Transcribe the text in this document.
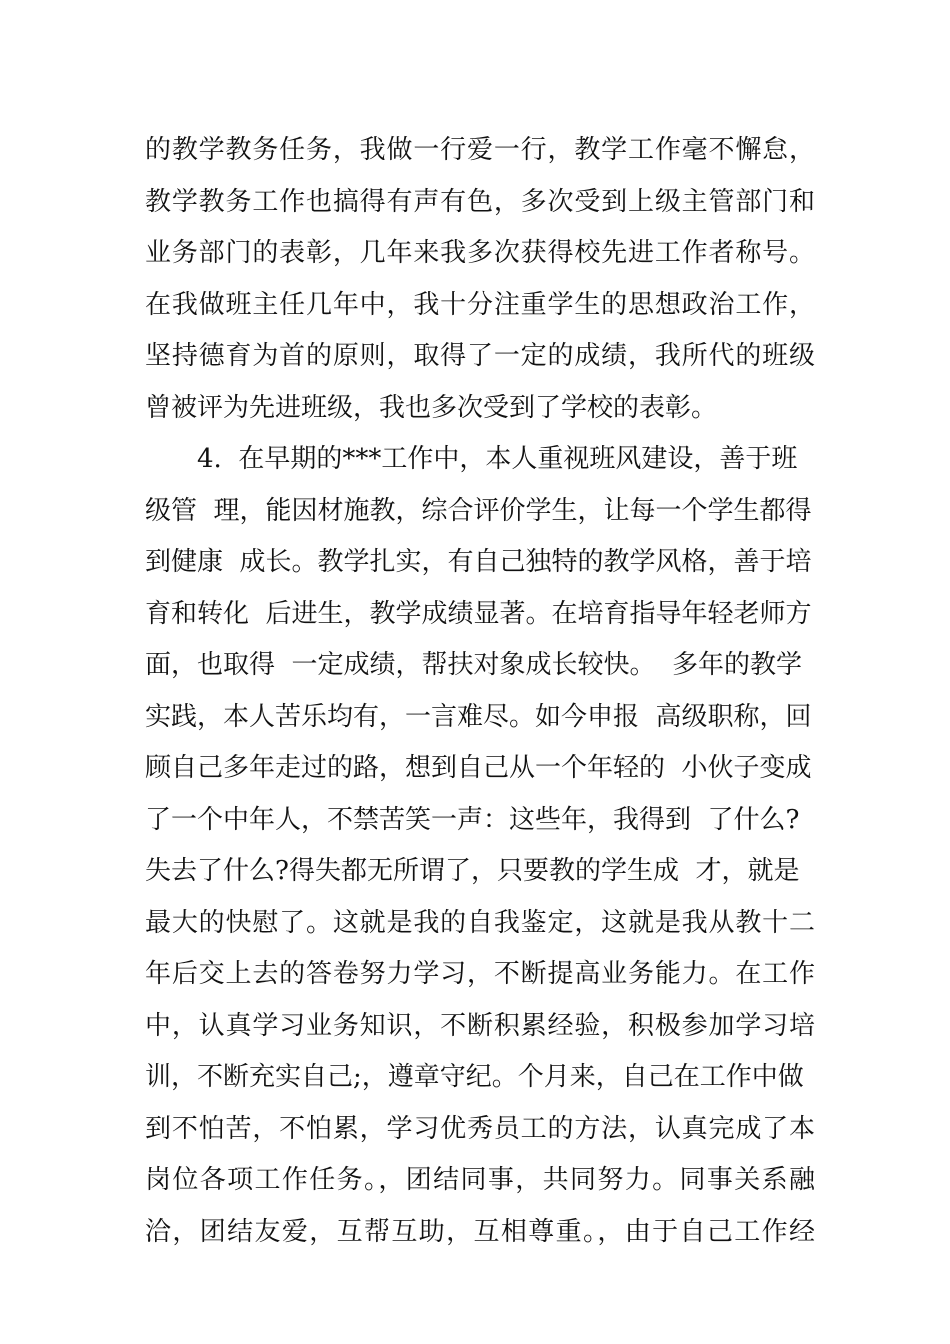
的教学教务任务，我做一行爱一行，教学工作毫不懈怠，
教学教务工作也搞得有声有色，多次受到上级主管部门和
业务部门的表彰，几年来我多次获得校先进工作者称号。
在我做班主任几年中，我十分注重学生的思想政治工作，
坚持德育为首的原则，取得了一定的成绩，我所代的班级
曾被评为先进班级，我也多次受到了学校的表彰。
4.  在早期的***工作中，本人重视班风建设，善于班
级管  理，能因材施教，综合评价学生，让每一个学生都得
到健康  成长。教学扎实，有自己独特的教学风格，善于培
育和转化  后进生，教学成绩显著。在培育指导年轻老师方
面，也取得  一定成绩，帮扶对象成长较快。  多年的教学
实践，本人苦乐均有，一言难尽。如今申报  高级职称，回
顾自己多年走过的路，想到自己从一个年轻的  小伙子变成
了一个中年人，不禁苦笑一声：这些年，我得到  了什么?
失去了什么?得失都无所谓了，只要教的学生成  才，就是
最大的快慰了。这就是我的自我鉴定，这就是我从教十二
年后交上去的答卷努力学习，不断提高业务能力。在工作
中，认真学习业务知识，不断积累经验，积极参加学习培
训，不断充实自己;，遵章守纪。个月来，自己在工作中做
到不怕苦，不怕累，学习优秀员工的方法，认真完成了本
岗位各项工作任务。，团结同事，共同努力。同事关系融
洽，团结友爱，互帮互助，互相尊重。，由于自己工作经
